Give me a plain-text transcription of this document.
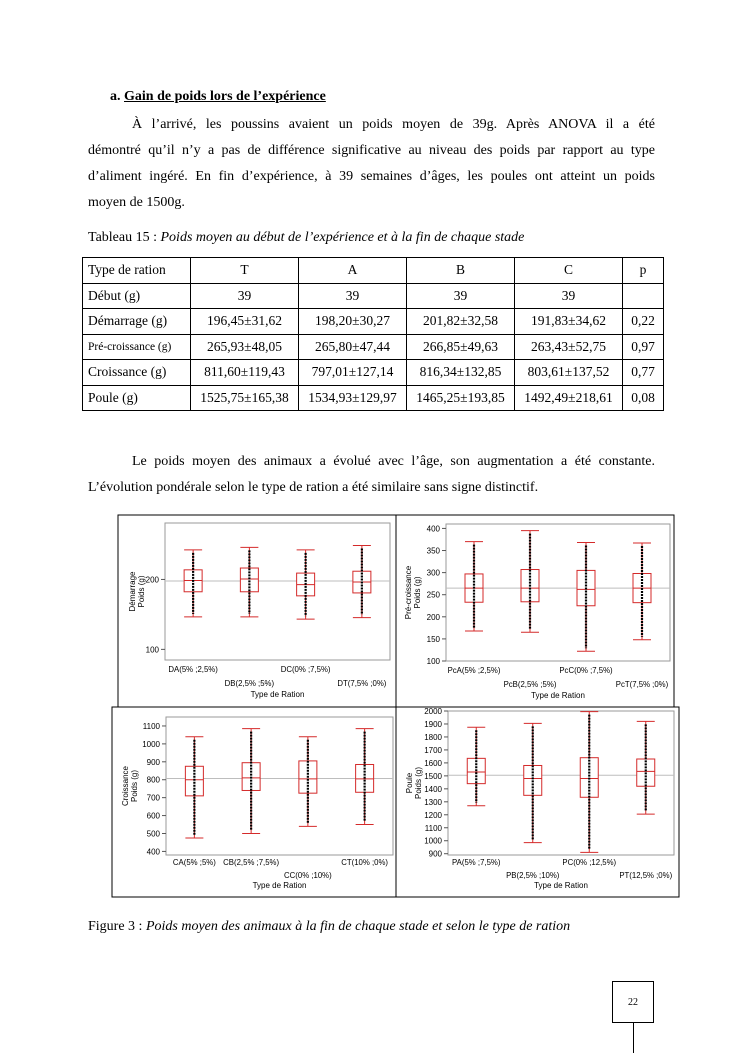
a. Gain de poids lors de l’expérience

À l’arrivé, les poussins avaient un poids moyen de 39g. Après ANOVA il a été

démontré qu’il n’y a pas de différence significative au niveau des poids par rapport au type

d’aliment ingéré. En fin d’expérience, à 39 semaines d’âges, les poules ont atteint un poids

moyen de 1500g.

Tableau 15 : Poids moyen au début de l’expérience et à la fin de chaque stade
Type de ration	T	A	B	C	p
Début (g)	39	39	39	39	
Démarrage (g)	196,45±31,62	198,20±30,27	201,82±32,58	191,83±34,62	0,22
Pré-croissance (g)	265,93±48,05	265,80±47,44	266,85±49,63	263,43±52,75	0,97
Croissance (g)	811,60±119,43	797,01±127,14	816,34±132,85	803,61±137,52	0,77
Poule (g)	1525,75±165,38	1534,93±129,97	1465,25±193,85	1492,49±218,61	0,08

Le poids moyen des animaux a évolué avec l’âge, son augmentation a été constante.

L’évolution pondérale selon le type de ration a été similaire sans signe distinctif.

100
200
Démarrage Poids (g)
DA(5% ;2,5%)	DC(0% ;7,5%)
DB(2,5% ;5%)	DT(7,5% ;0%)
Type de Ration
100
150
200
250
300
350
400
Pré-croissance Poids (g)
PcA(5% ;2,5%)	PcC(0% ;7,5%)
PcB(2,5% ;5%)	PcT(7,5% ;0%)
Type de Ration
400
500
600
700
800
900
1000
1100
Croissance Poids (g)
CA(5% ;5%) CB(2,5% ;7,5%)	CT(10% ;0%)
CC(0% ;10%)
Type de Ration
900
1000
1100
1200
1300
1400
1500
1600
1700
1800
1900
2000
Poule Poids (g)
PA(5% ;7,5%)	PC(0% ;12,5%)
PB(2,5% ;10%)	PT(12,5% ;0%)
Type de Ration
Figure 3 : Poids moyen des animaux à la fin de chaque stade et selon le type de ration
22
